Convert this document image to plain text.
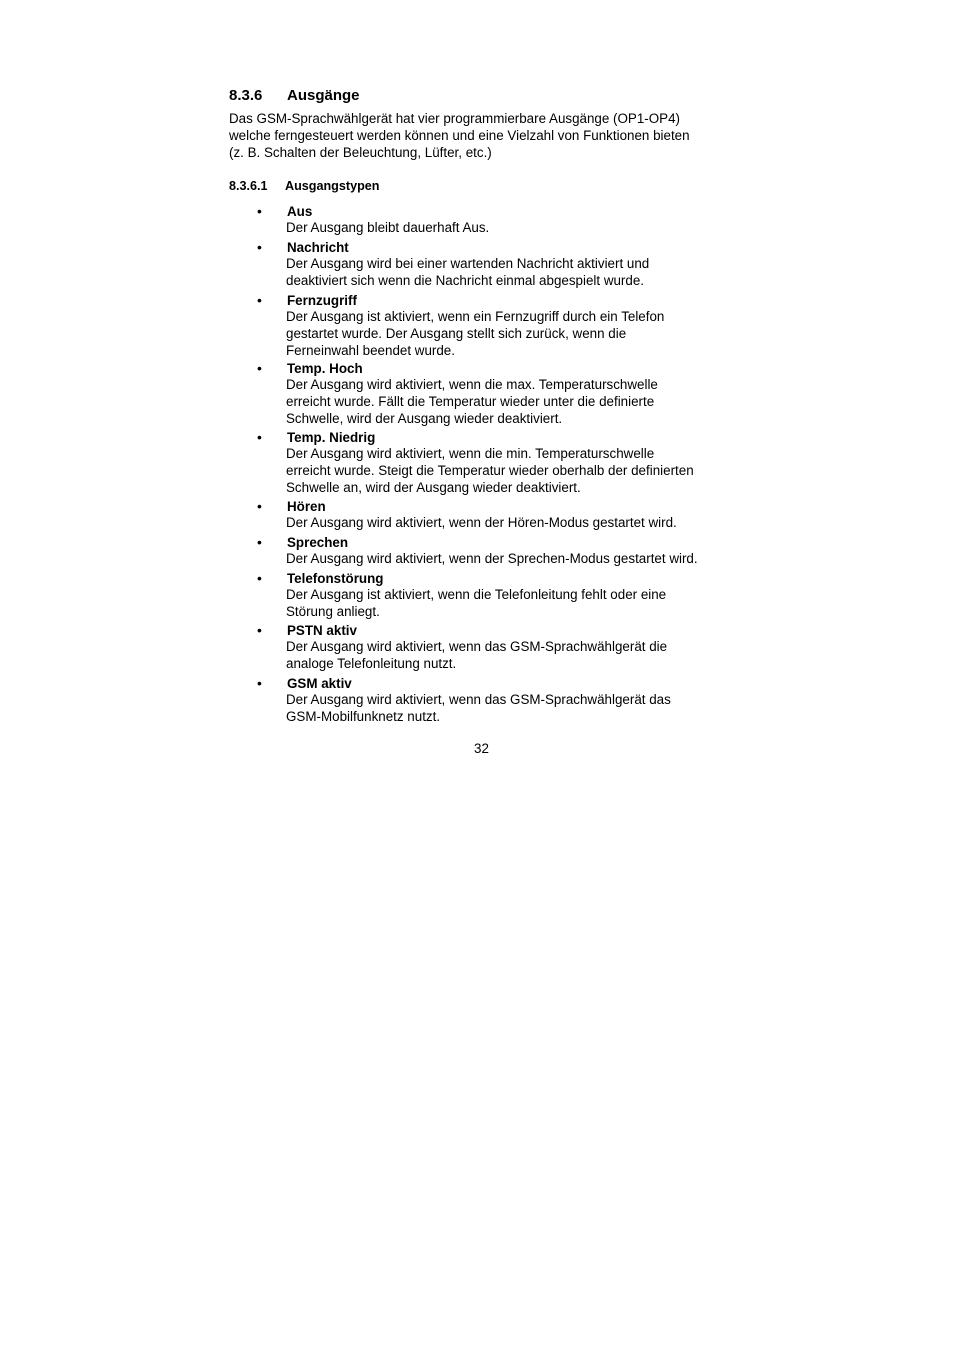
8.3.6 Ausgänge
Das GSM-Sprachwählgerät hat vier programmierbare Ausgänge (OP1-OP4)
welche ferngesteuert werden können und eine Vielzahl von Funktionen bieten
(z. B. Schalten der Beleuchtung, Lüfter, etc.)
8.3.6.1 Ausgangstypen
• Aus
Der Ausgang bleibt dauerhaft Aus.
• Nachricht
Der Ausgang wird bei einer wartenden Nachricht aktiviert und
deaktiviert sich wenn die Nachricht einmal abgespielt wurde.
• Fernzugriff
Der Ausgang ist aktiviert, wenn ein Fernzugriff durch ein Telefon
gestartet wurde. Der Ausgang stellt sich zurück, wenn die
Ferneinwahl beendet wurde.
• Temp. Hoch
Der Ausgang wird aktiviert, wenn die max. Temperaturschwelle
erreicht wurde. Fällt die Temperatur wieder unter die definierte
Schwelle, wird der Ausgang wieder deaktiviert.
• Temp. Niedrig
Der Ausgang wird aktiviert, wenn die min. Temperaturschwelle
erreicht wurde. Steigt die Temperatur wieder oberhalb der definierten
Schwelle an, wird der Ausgang wieder deaktiviert.
• Hören
Der Ausgang wird aktiviert, wenn der Hören-Modus gestartet wird.
• Sprechen
Der Ausgang wird aktiviert, wenn der Sprechen-Modus gestartet wird.
• Telefonstörung
Der Ausgang ist aktiviert, wenn die Telefonleitung fehlt oder eine
Störung anliegt.
• PSTN aktiv
Der Ausgang wird aktiviert, wenn das GSM-Sprachwählgerät die
analoge Telefonleitung nutzt.
• GSM aktiv
Der Ausgang wird aktiviert, wenn das GSM-Sprachwählgerät das
GSM-Mobilfunknetz nutzt.
32
